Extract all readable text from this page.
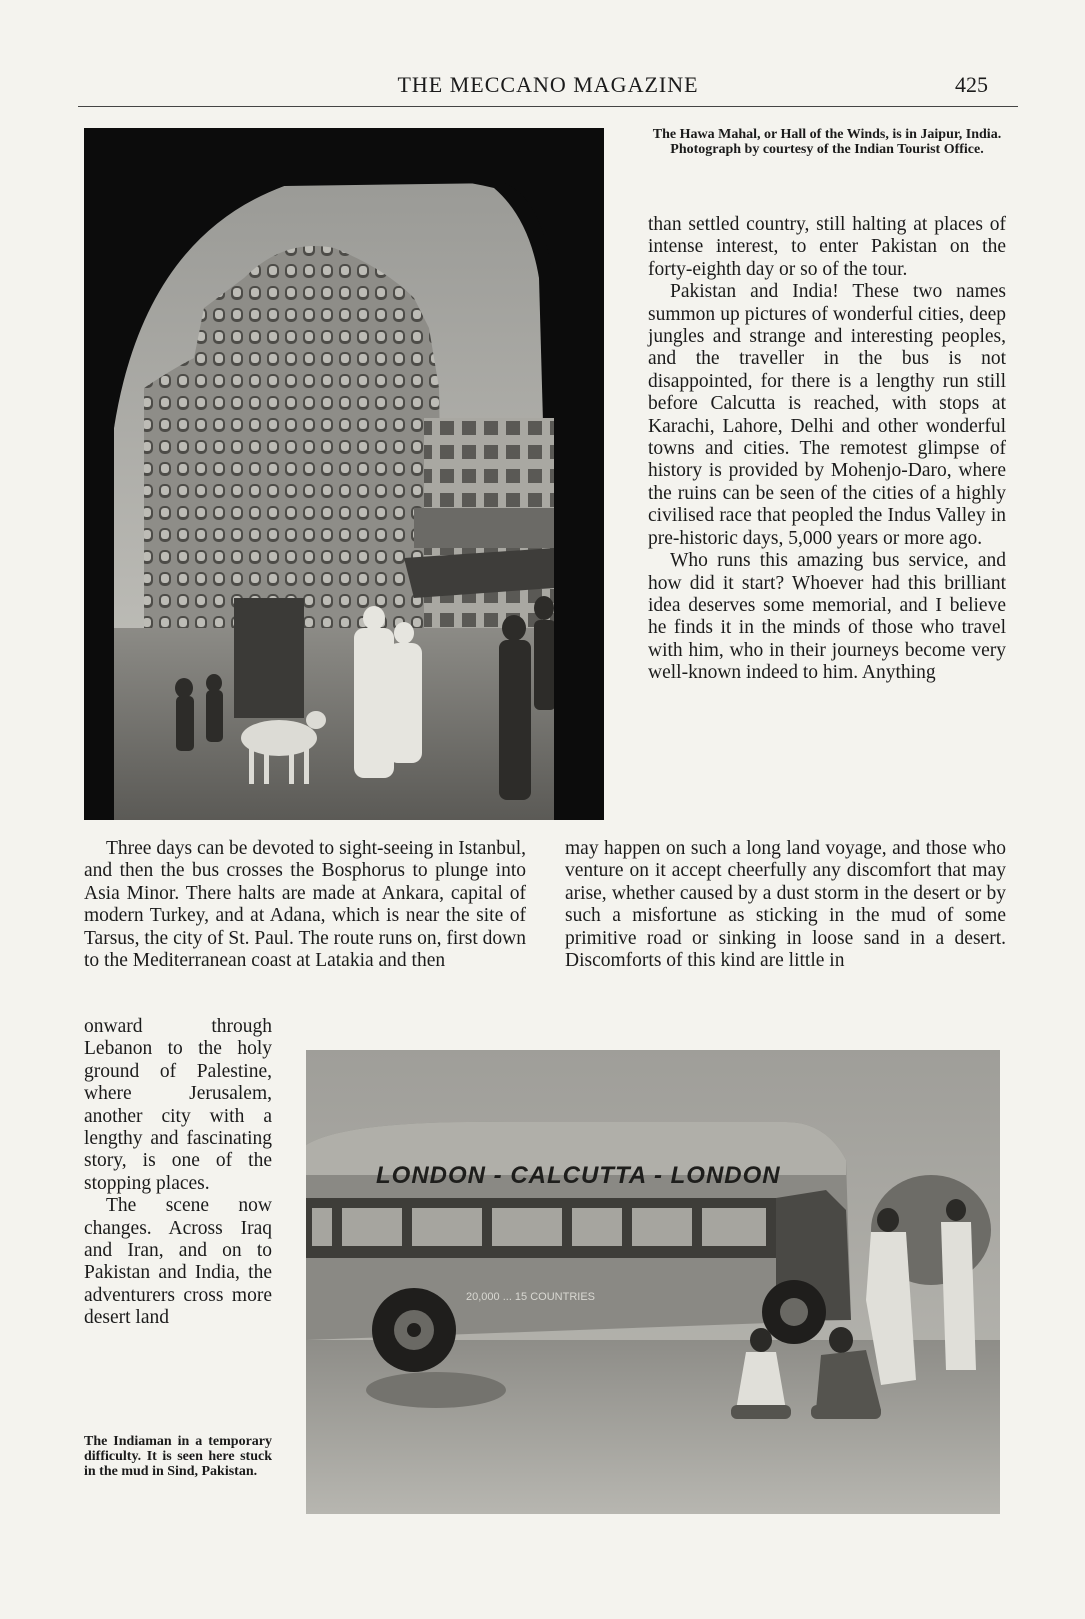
THE MECCANO MAGAZINE	425
The Hawa Mahal, or Hall of the Winds, is in Jaipur, India. Photograph by courtesy of the Indian Tourist Office.

than settled country, still halting at places of intense interest, to enter Pakistan on the forty-eighth day or so of the tour.

Pakistan and India! These two names summon up pictures of wonderful cities, deep jungles and strange and interesting peoples, and the traveller in the bus is not disappointed, for there is a lengthy run still before Calcutta is reached, with stops at Karachi, Lahore, Delhi and other wonderful towns and cities. The remotest glimpse of history is provided by Mohenjo-Daro, where the ruins can be seen of the cities of a highly civilised race that peopled the Indus Valley in pre-historic days, 5,000 years or more ago.

Who runs this amazing bus service, and how did it start? Whoever had this brilliant idea deserves some memorial, and I believe he finds it in the minds of those who travel with him, who in their journeys become very well-known indeed to him. Anything

Three days can be devoted to sight-seeing in Istanbul, and then the bus crosses the Bosphorus to plunge into Asia Minor. There halts are made at Ankara, capital of modern Turkey, and at Adana, which is near the site of Tarsus, the city of St. Paul. The route runs on, first down to the Mediterranean coast at Latakia and then

may happen on such a long land voyage, and those who venture on it accept cheerfully any discomfort that may arise, whether caused by a dust storm in the desert or by such a misfortune as sticking in the mud of some primitive road or sinking in loose sand in a desert. Discomforts of this kind are little in

onward through Lebanon to the holy ground of Palestine, where Jerusalem, another city with a lengthy and fascinating story, is one of the stopping places.

The scene now changes. Across Iraq and Iran, and on to Pakistan and India, the adventurers cross more desert land

LONDON - CALCUTTA - LONDON
20,000 ... 15 COUNTRIES
The Indiaman in a temporary difficulty. It is seen here stuck in the mud in Sind, Pakistan.
